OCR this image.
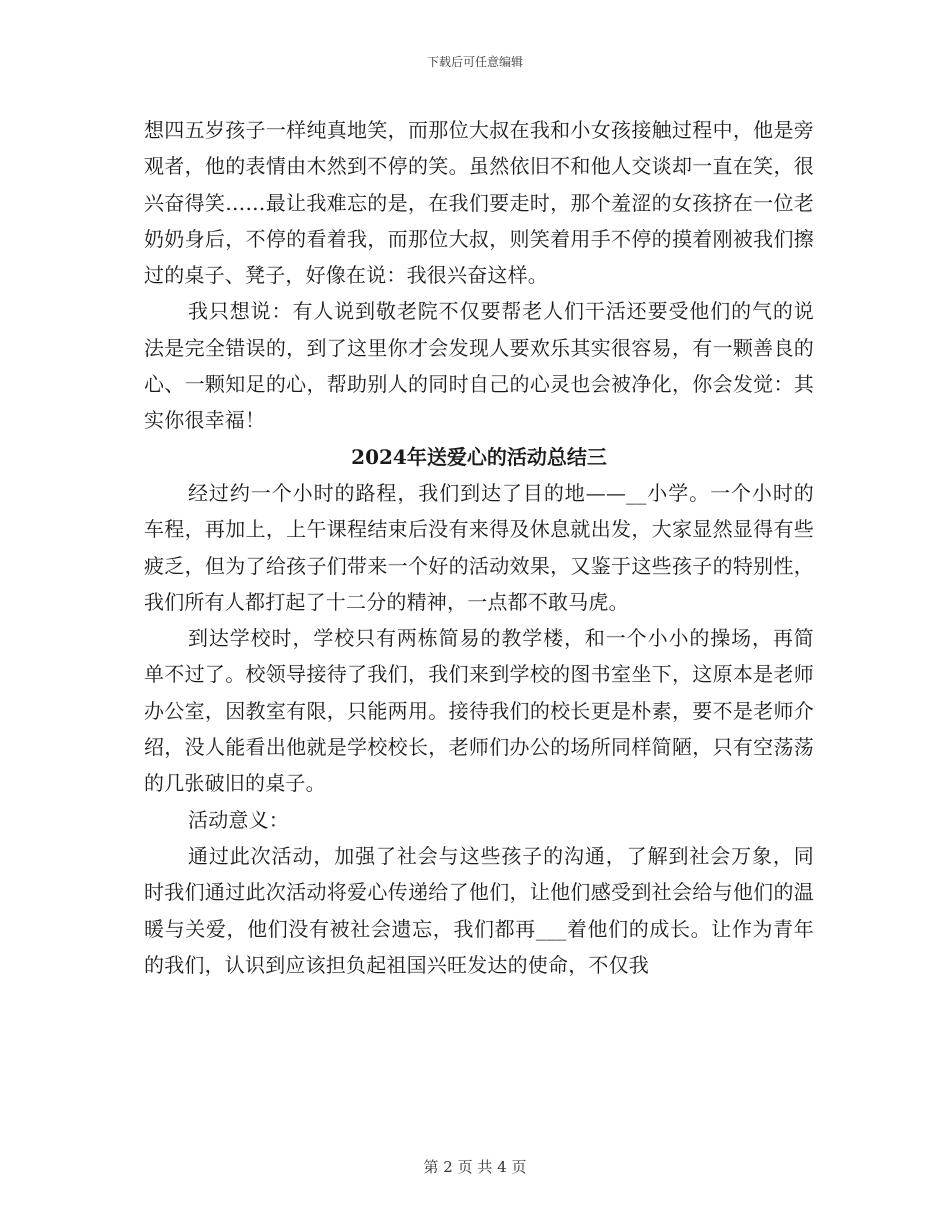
下载后可任意编辑

想四五岁孩子一样纯真地笑，而那位大叔在我和小女孩接触过程中，他是旁观者，他的表情由木然到不停的笑。虽然依旧不和他人交谈却一直在笑，很兴奋得笑……最让我难忘的是，在我们要走时，那个羞涩的女孩挤在一位老奶奶身后，不停的看着我，而那位大叔，则笑着用手不停的摸着刚被我们擦过的桌子、凳子，好像在说：我很兴奋这样。

我只想说：有人说到敬老院不仅要帮老人们干活还要受他们的气的说法是完全错误的，到了这里你才会发现人要欢乐其实很容易，有一颗善良的心、一颗知足的心，帮助别人的同时自己的心灵也会被净化，你会发觉：其实你很幸福！

2024年送爱心的活动总结三

经过约一个小时的路程，我们到达了目的地——__小学。一个小时的车程，再加上，上午课程结束后没有来得及休息就出发，大家显然显得有些疲乏，但为了给孩子们带来一个好的活动效果，又鉴于这些孩子的特别性，我们所有人都打起了十二分的精神，一点都不敢马虎。

到达学校时，学校只有两栋简易的教学楼，和一个小小的操场，再简单不过了。校领导接待了我们，我们来到学校的图书室坐下，这原本是老师办公室，因教室有限，只能两用。接待我们的校长更是朴素，要不是老师介绍，没人能看出他就是学校校长，老师们办公的场所同样简陋，只有空荡荡的几张破旧的桌子。

活动意义：

通过此次活动，加强了社会与这些孩子的沟通，了解到社会万象，同时我们通过此次活动将爱心传递给了他们，让他们感受到社会给与他们的温暖与关爱，他们没有被社会遗忘，我们都再___着他们的成长。让作为青年的我们，认识到应该担负起祖国兴旺发达的使命，不仅我

第 2 页 共 4 页
